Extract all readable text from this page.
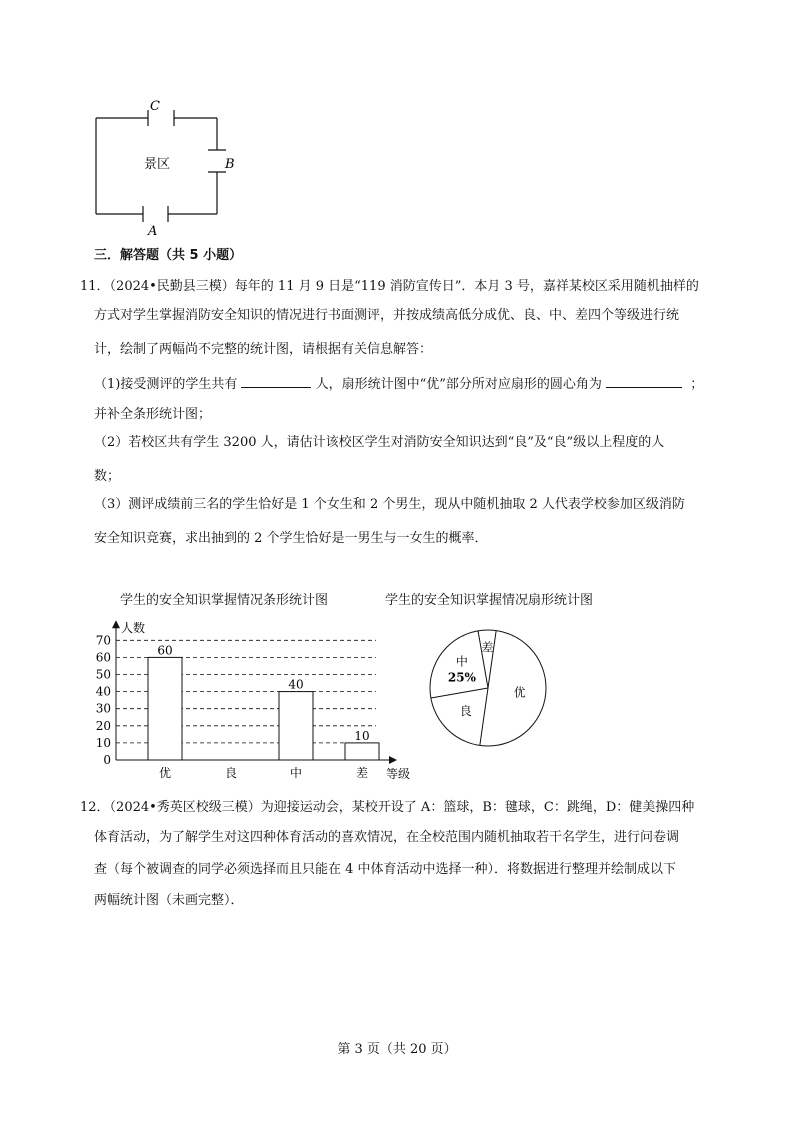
C
B
A
景区
三．解答题（共 5 小题）
11．（2024•民勤县三模）每年的 11 月 9 日是“119 消防宣传日”．本月 3 号，嘉祥某校区采用随机抽样的
方式对学生掌握消防安全知识的情况进行书面测评，并按成绩高低分成优、良、中、差四个等级进行统
计，绘制了两幅尚不完整的统计图，请根据有关信息解答：
（1)接受测评的学生共有	人，扇形统计图中“优”部分所对应扇形的圆心角为	；
并补全条形统计图；
（2）若校区共有学生 3200 人，请估计该校区学生对消防安全知识达到“良”及“良”级以上程度的人
数；
（3）测评成绩前三名的学生恰好是 1 个女生和 2 个男生，现从中随机抽取 2 人代表学校参加区级消防
安全知识竞赛，求出抽到的 2 个学生恰好是一男生与一女生的概率．
学生的安全知识掌握情况条形统计图
0
10
20
30
40
50
60
70
人数
等级
60
优	良
40
中
10
差
学生的安全知识掌握情况扇形统计图
差
优
良
中
25%
12．（2024•秀英区校级三模）为迎接运动会，某校开设了 A：篮球，B：毽球，C：跳绳，D：健美操四种
体育活动，为了解学生对这四种体育活动的喜欢情况，在全校范围内随机抽取若干名学生，进行问卷调
查（每个被调查的同学必须选择而且只能在 4 中体育活动中选择一种）．将数据进行整理并绘制成以下
两幅统计图（未画完整）．
第 3 页（共 20 页）
